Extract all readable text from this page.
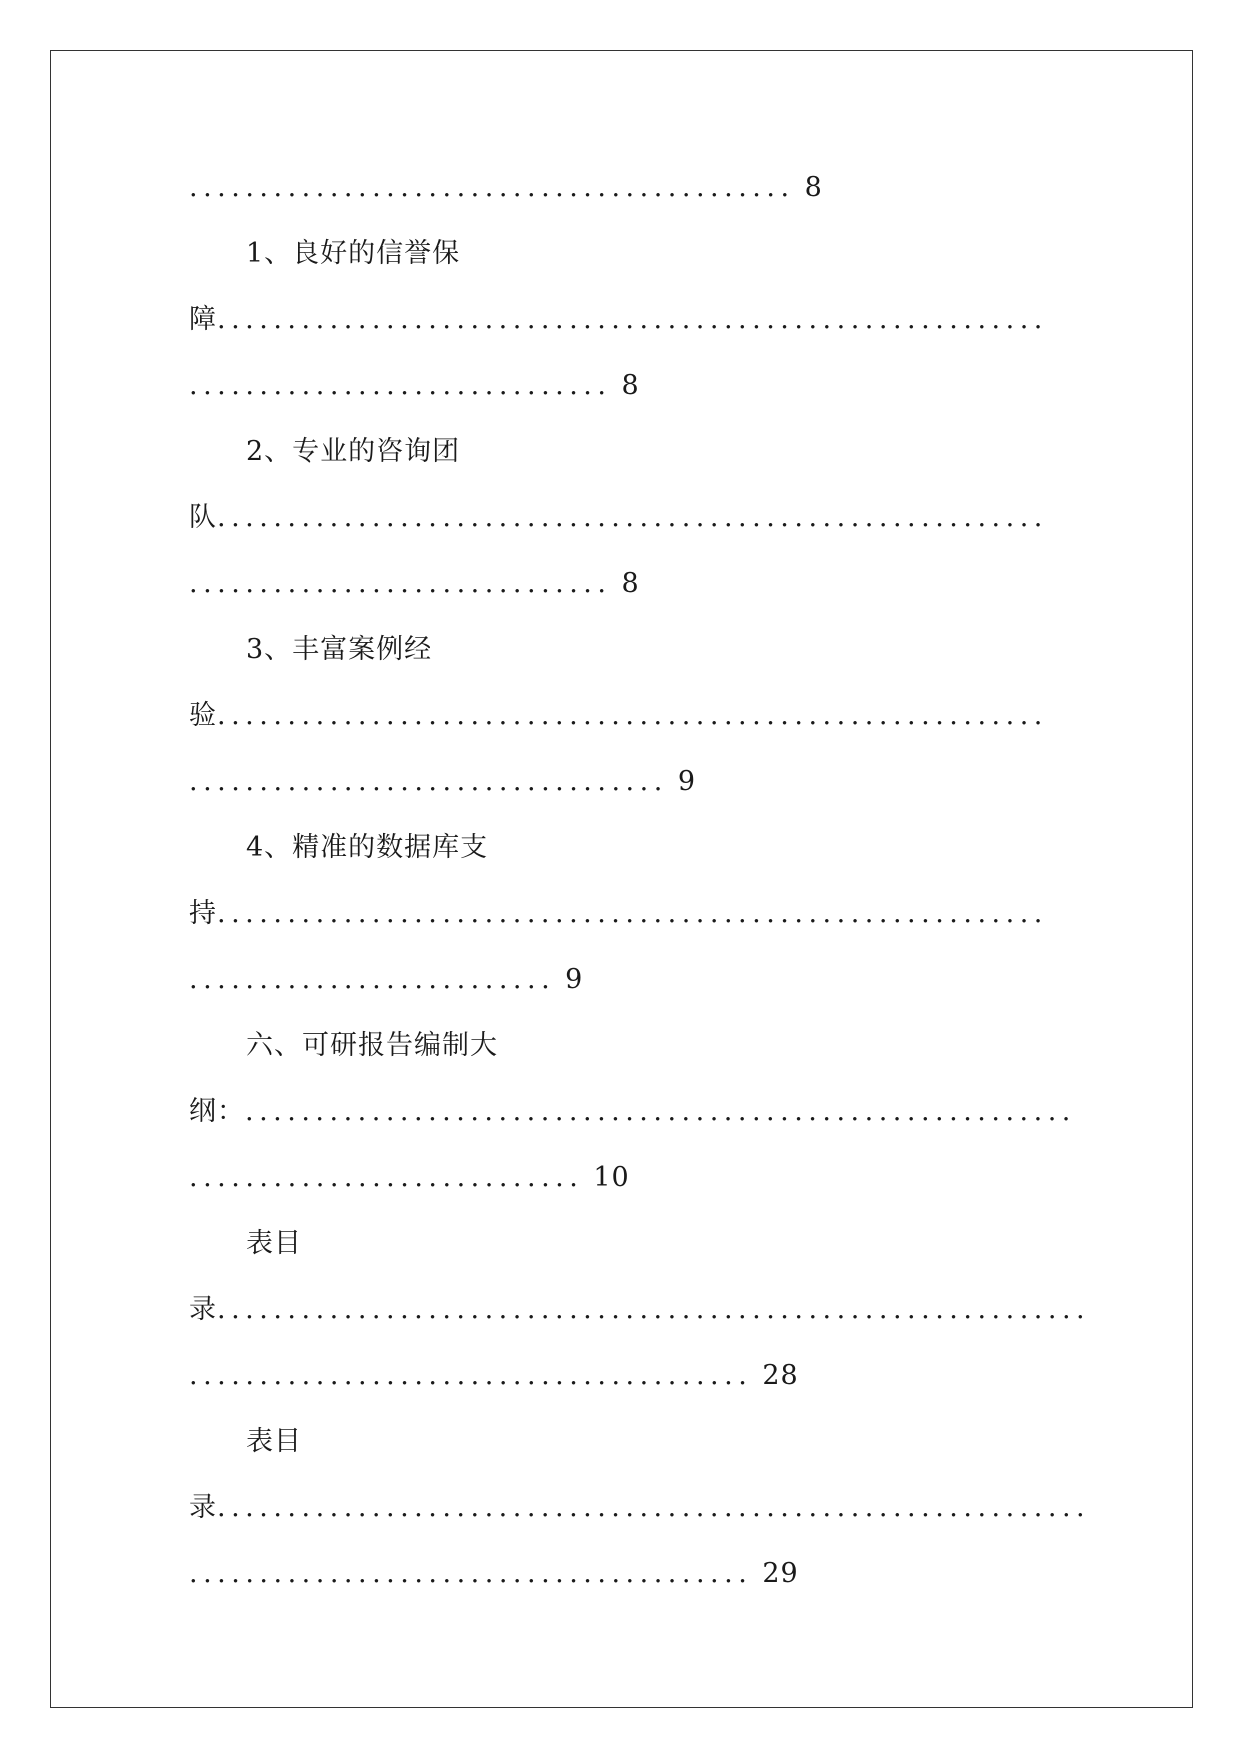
........................................... 8
1、良好的信誉保
障...........................................................
.............................. 8
2、专业的咨询团
队...........................................................
.............................. 8
3、丰富案例经
验...........................................................
.................................. 9
4、精准的数据库支
持...........................................................
.......................... 9
六、可研报告编制大
纲：...........................................................
............................ 10
表目
录..............................................................
........................................ 28
表目
录..............................................................
........................................ 29
